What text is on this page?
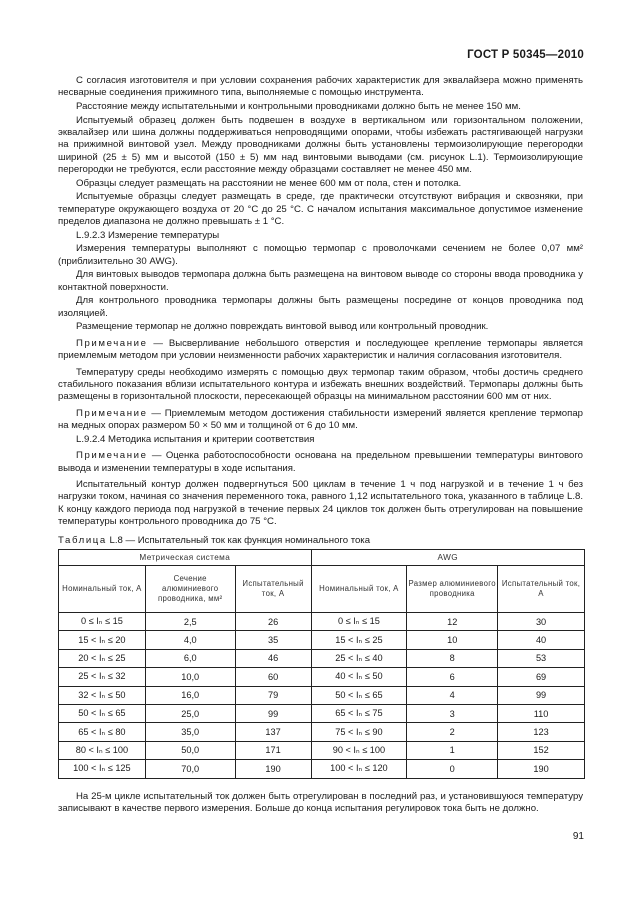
ГОСТ Р 50345—2010

С согласия изготовителя и при условии сохранения рабочих характеристик для эквалайзера можно применять несварные соединения прижимного типа, выполняемые с помощью инструмента.

Расстояние между испытательными и контрольными проводниками должно быть не менее 150 мм.

Испытуемый образец должен быть подвешен в воздухе в вертикальном или горизонтальном положении, эквалайзер или шина должны поддерживаться непроводящими опорами, чтобы избежать растягивающей нагрузки на прижимной винтовой узел. Между проводниками должны быть установлены термоизолирующие перегородки шириной (25 ± 5) мм и высотой (150 ± 5) мм над винтовыми выводами (см. рисунок L.1). Термоизолирующие перегородки не требуются, если расстояние между образцами составляет не менее 450 мм.

Образцы следует размещать на расстоянии не менее 600 мм от пола, стен и потолка.

Испытуемые образцы следует размещать в среде, где практически отсутствуют вибрация и сквозняки, при температуре окружающего воздуха от 20 °С до 25 °С. С началом испытания максимальное допустимое изменение пределов диапазона не должно превышать ± 1 °С.

L.9.2.3 Измерение температуры

Измерения температуры выполняют с помощью термопар с проволочками сечением не более 0,07 мм² (приблизительно 30 AWG).

Для винтовых выводов термопара должна быть размещена на винтовом выводе со стороны ввода проводника у контактной поверхности.

Для контрольного проводника термопары должны быть размещены посредине от концов проводника под изоляцией.

Размещение термопар не должно повреждать винтовой вывод или контрольный проводник.

Примечание — Высверливание небольшого отверстия и последующее крепление термопары является приемлемым методом при условии неизменности рабочих характеристик и наличия согласования изготовителя.

Температуру среды необходимо измерять с помощью двух термопар таким образом, чтобы достичь среднего стабильного показания вблизи испытательного контура и избежать внешних воздействий. Термопары должны быть размещены в горизонтальной плоскости, пересекающей образцы на минимальном расстоянии 600 мм от них.

Примечание — Приемлемым методом достижения стабильности измерений является крепление термопар на медных опорах размером 50 × 50 мм и толщиной от 6 до 10 мм.

L.9.2.4 Методика испытания и критерии соответствия

Примечание — Оценка работоспособности основана на предельном превышении температуры винтового вывода и изменении температуры в ходе испытания.

Испытательный контур должен подвергнуться 500 циклам в течение 1 ч под нагрузкой и в течение 1 ч без нагрузки током, начиная со значения переменного тока, равного 1,12 испытательного тока, указанного в таблице L.8. К концу каждого периода под нагрузкой в течение первых 24 циклов ток должен быть отрегулирован на повышение температуры контрольного проводника до 75 °С.

Таблица L.8 — Испытательный ток как функция номинального тока
Метрическая система			AWG		
Номинальный ток, А	Сечение алюминиевого проводника, мм²	Испытательный ток, А	Номинальный ток, А	Размер алюминиевого проводника	Испытательный ток, А
0 ≤ Iₙ ≤ 15	2,5	26	0 ≤ Iₙ ≤ 15	12	30
15 < Iₙ ≤ 20	4,0	35	15 < Iₙ ≤ 25	10	40
20 < Iₙ ≤ 25	6,0	46	25 < Iₙ ≤ 40	8	53
25 < Iₙ ≤ 32	10,0	60	40 < Iₙ ≤ 50	6	69
32 < Iₙ ≤ 50	16,0	79	50 < Iₙ ≤ 65	4	99
50 < Iₙ ≤ 65	25,0	99	65 < Iₙ ≤ 75	3	110
65 < Iₙ ≤ 80	35,0	137	75 < Iₙ ≤ 90	2	123
80 < Iₙ ≤ 100	50,0	171	90 < Iₙ ≤ 100	1	152
100 < Iₙ ≤ 125	70,0	190	100 < Iₙ ≤ 120	0	190

На 25-м цикле испытательный ток должен быть отрегулирован в последний раз, и установившуюся температуру записывают в качестве первого измерения. Больше до конца испытания регулировок тока быть не должно.

91
